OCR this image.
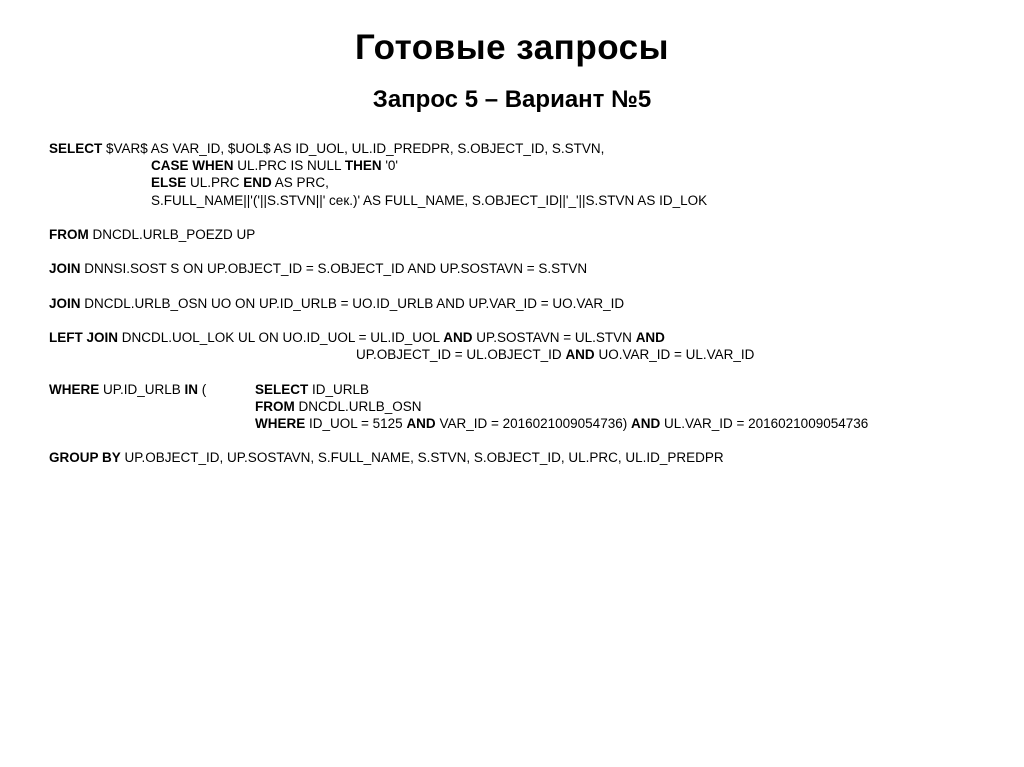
Готовые запросы
Запрос 5 – Вариант №5
SELECT $VAR$ AS VAR_ID, $UOL$ AS ID_UOL, UL.ID_PREDPR, S.OBJECT_ID, S.STVN,
CASE WHEN UL.PRC IS NULL THEN '0'
ELSE UL.PRC END AS PRC,
S.FULL_NAME||'('||S.STVN||' сек.)' AS FULL_NAME, S.OBJECT_ID||'_'||S.STVN AS ID_LOK
FROM DNCDL.URLB_POEZD UP
JOIN DNNSI.SOST S ON UP.OBJECT_ID = S.OBJECT_ID AND UP.SOSTAVN = S.STVN
JOIN DNCDL.URLB_OSN UO ON UP.ID_URLB = UO.ID_URLB AND UP.VAR_ID = UO.VAR_ID
LEFT JOIN DNCDL.UOL_LOK UL ON UO.ID_UOL = UL.ID_UOL AND UP.SOSTAVN = UL.STVN AND
UP.OBJECT_ID = UL.OBJECT_ID AND UO.VAR_ID = UL.VAR_ID
WHERE UP.ID_URLB IN (	SELECT ID_URLB
FROM DNCDL.URLB_OSN
WHERE ID_UOL = 5125 AND VAR_ID = 2016021009054736) AND UL.VAR_ID = 2016021009054736
GROUP BY UP.OBJECT_ID, UP.SOSTAVN, S.FULL_NAME, S.STVN, S.OBJECT_ID, UL.PRC, UL.ID_PREDPR
